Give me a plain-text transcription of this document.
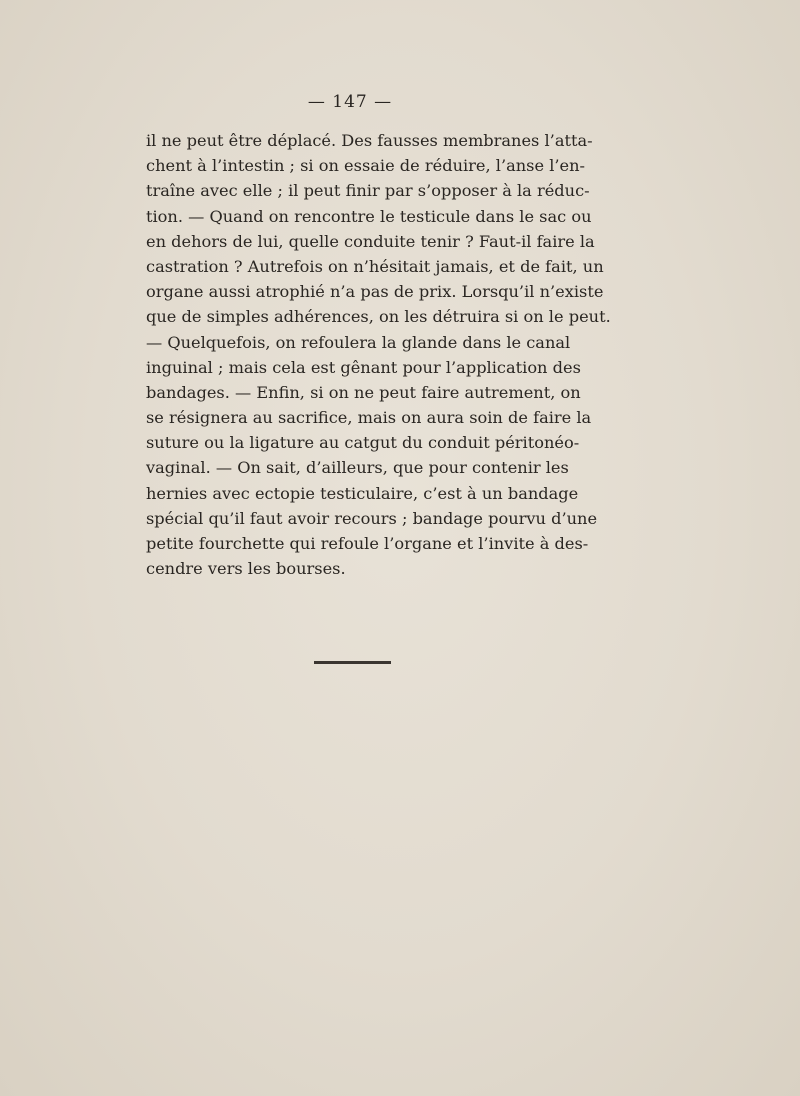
— 147 —
il ne peut être déplacé. Des fausses membranes l’atta-
chent à l’intestin ; si on essaie de réduire, l’anse l’en-
traîne avec elle ; il peut finir par s’opposer à la réduc-
tion. — Quand on rencontre le testicule dans le sac ou
en dehors de lui, quelle conduite tenir ? Faut-il faire la
castration ? Autrefois on n’hésitait jamais, et de fait, un
organe aussi atrophié n’a pas de prix. Lorsqu’il n’existe
que de simples adhérences, on les détruira si on le peut.
— Quelquefois, on refoulera la glande dans le canal
inguinal ; mais cela est gênant pour l’application des
bandages. — Enfin, si on ne peut faire autrement, on
se résignera au sacrifice, mais on aura soin de faire la
suture ou la ligature au catgut du conduit péritonéo-
vaginal. — On sait, d’ailleurs, que pour contenir les
hernies avec ectopie testiculaire, c’est à un bandage
spécial qu’il faut avoir recours ; bandage pourvu d’une
petite fourchette qui refoule l’organe et l’invite à des-
cendre vers les bourses.
